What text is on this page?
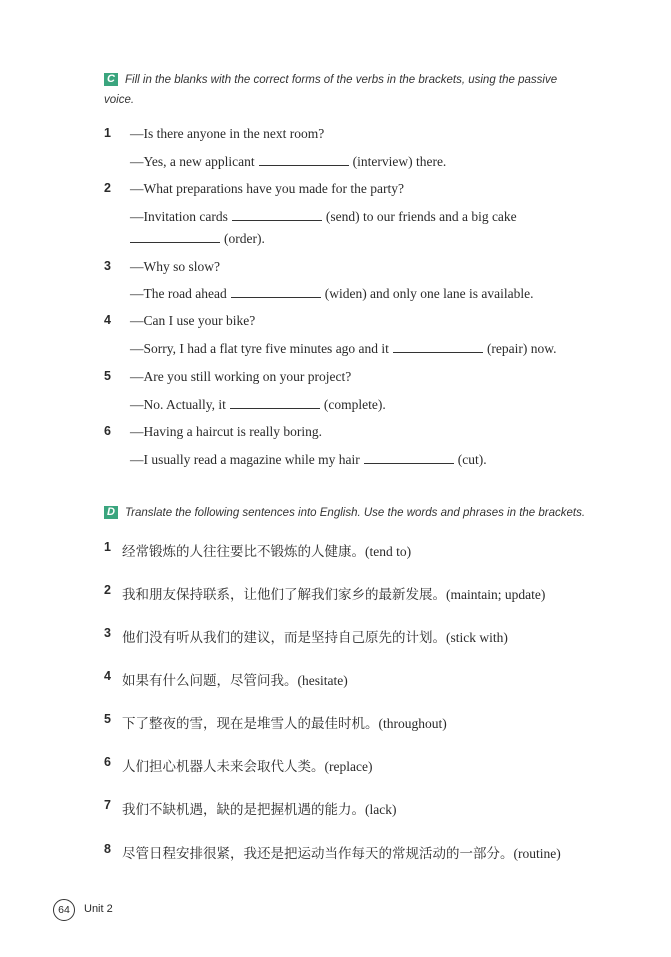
C Fill in the blanks with the correct forms of the verbs in the brackets, using the passive
voice.
1 —Is there anyone in the next room?
—Yes, a new applicant	(interview) there.
2 —What preparations have you made for the party?
—Invitation cards	(send) to our friends and a big cake
(order).
3 —Why so slow?
—The road ahead	(widen) and only one lane is available.
4 —Can I use your bike?
—Sorry, I had a flat tyre five minutes ago and it	(repair) now.
5 —Are you still working on your project?
—No. Actually, it	(complete).
6 —Having a haircut is really boring.
—I usually read a magazine while my hair	(cut).
D Translate the following sentences into English. Use the words and phrases in the brackets.
1 经常锻炼的人往往要比不锻炼的人健康。(tend to)
2 我和朋友保持联系，让他们了解我们家乡的最新发展。(maintain; update)
3 他们没有听从我们的建议，而是坚持自己原先的计划。(stick with)
4 如果有什么问题，尽管问我。(hesitate)
5 下了整夜的雪，现在是堆雪人的最佳时机。(throughout)
6 人们担心机器人未来会取代人类。(replace)
7 我们不缺机遇，缺的是把握机遇的能力。(lack)
8 尽管日程安排很紧，我还是把运动当作每天的常规活动的一部分。(routine)
64	Unit 2
